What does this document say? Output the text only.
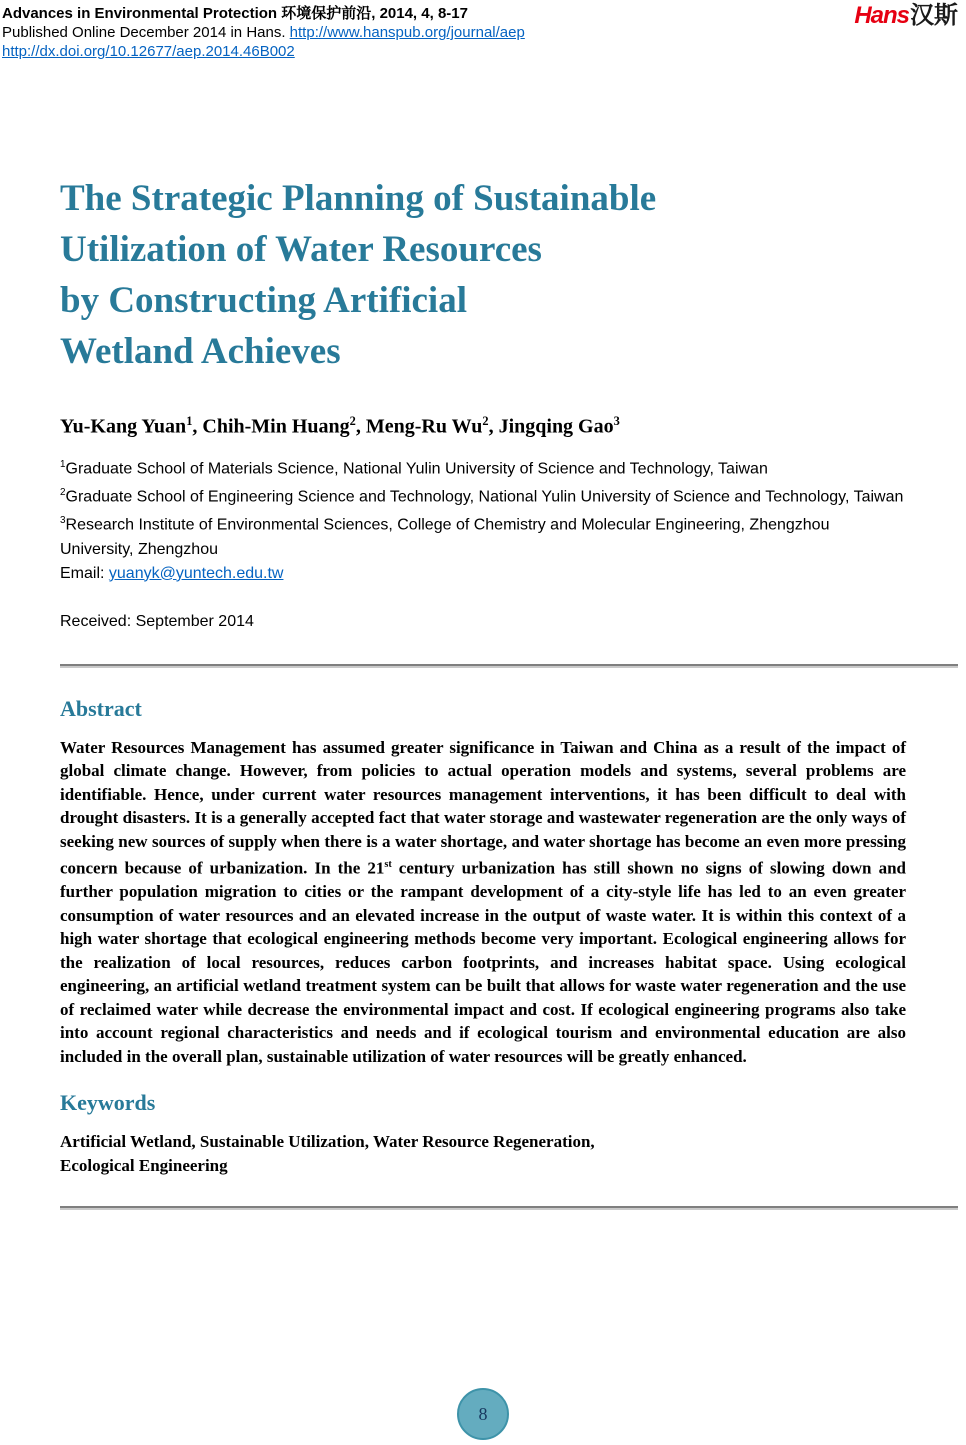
Advances in Environmental Protection 环境保护前沿, 2014, 4, 8-17
Published Online December 2014 in Hans. http://www.hanspub.org/journal/aep
http://dx.doi.org/10.12677/aep.2014.46B002
Hans汉斯
The Strategic Planning of Sustainable
Utilization of Water Resources
by Constructing Artificial
Wetland Achieves
Yu-Kang Yuan$^1$, Chih-Min Huang$^2$, Meng-Ru Wu$^2$, Jingqing Gao$^3$
$^1$Graduate School of Materials Science, National Yulin University of Science and Technology, Taiwan
$^2$Graduate School of Engineering Science and Technology, National Yulin University of Science and Technology, Taiwan
$^3$Research Institute of Environmental Sciences, College of Chemistry and Molecular Engineering, Zhengzhou University, Zhengzhou
Email: yuanyk@yuntech.edu.tw
Received: September 2014
Abstract

Water Resources Management has assumed greater significance in Taiwan and China as a result of the impact of global climate change. However, from policies to actual operation models and systems, several problems are identifiable. Hence, under current water resources management interventions, it has been difficult to deal with drought disasters. It is a generally accepted fact that water storage and wastewater regeneration are the only ways of seeking new sources of supply when there is a water shortage, and water shortage has become an even more pressing concern because of urbanization. In the 21st century urbanization has still shown no signs of slowing down and further population migration to cities or the rampant development of a city-style life has led to an even greater consumption of water resources and an elevated increase in the output of waste water. It is within this context of a high water shortage that ecological engineering methods become very important. Ecological engineering allows for the realization of local resources, reduces carbon footprints, and increases habitat space. Using ecological engineering, an artificial wetland treatment system can be built that allows for waste water regeneration and the use of reclaimed water while decrease the environmental impact and cost. If ecological engineering programs also take into account regional characteristics and needs and if ecological tourism and environmental education are also included in the overall plan, sustainable utilization of water resources will be greatly enhanced.

Keywords

Artificial Wetland, Sustainable Utilization, Water Resource Regeneration,
Ecological Engineering

8
